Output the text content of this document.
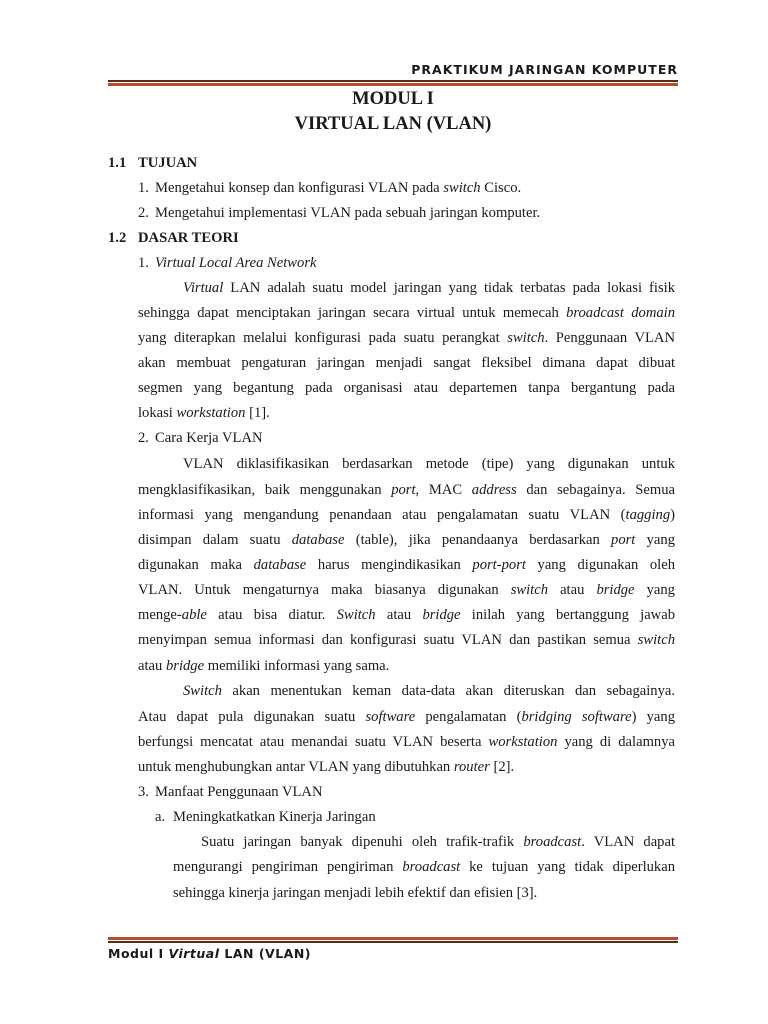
PRAKTIKUM JARINGAN KOMPUTER
MODUL I
VIRTUAL LAN (VLAN)
1.1 TUJUAN
1. Mengetahui konsep dan konfigurasi VLAN pada switch Cisco.
2. Mengetahui implementasi VLAN pada sebuah jaringan komputer.
1.2 DASAR TEORI
1. Virtual Local Area Network
Virtual LAN adalah suatu model jaringan yang tidak terbatas pada lokasi fisik
sehingga dapat menciptakan jaringan secara virtual untuk memecah broadcast domain
yang diterapkan melalui konfigurasi pada suatu perangkat switch. Penggunaan VLAN
akan membuat pengaturan jaringan menjadi sangat fleksibel dimana dapat dibuat
segmen yang begantung pada organisasi atau departemen tanpa bergantung pada
lokasi workstation [1].
2. Cara Kerja VLAN
VLAN diklasifikasikan berdasarkan metode (tipe) yang digunakan untuk
mengklasifikasikan, baik menggunakan port, MAC address dan sebagainya. Semua
informasi yang mengandung penandaan atau pengalamatan suatu VLAN (tagging)
disimpan dalam suatu database (table), jika penandaanya berdasarkan port yang
digunakan maka database harus mengindikasikan port-port yang digunakan oleh
VLAN. Untuk mengaturnya maka biasanya digunakan switch atau bridge yang
menge-able atau bisa diatur. Switch atau bridge inilah yang bertanggung jawab
menyimpan semua informasi dan konfigurasi suatu VLAN dan pastikan semua switch
atau bridge memiliki informasi yang sama.
Switch akan menentukan keman data-data akan diteruskan dan sebagainya.
Atau dapat pula digunakan suatu software pengalamatan (bridging software) yang
berfungsi mencatat atau menandai suatu VLAN beserta workstation yang di dalamnya
untuk menghubungkan antar VLAN yang dibutuhkan router [2].
3. Manfaat Penggunaan VLAN
a. Meningkatkatkan Kinerja Jaringan
Suatu jaringan banyak dipenuhi oleh trafik-trafik broadcast. VLAN dapat
mengurangi pengiriman pengiriman broadcast ke tujuan yang tidak diperlukan
sehingga kinerja jaringan menjadi lebih efektif dan efisien [3].
Modul I Virtual LAN (VLAN)
